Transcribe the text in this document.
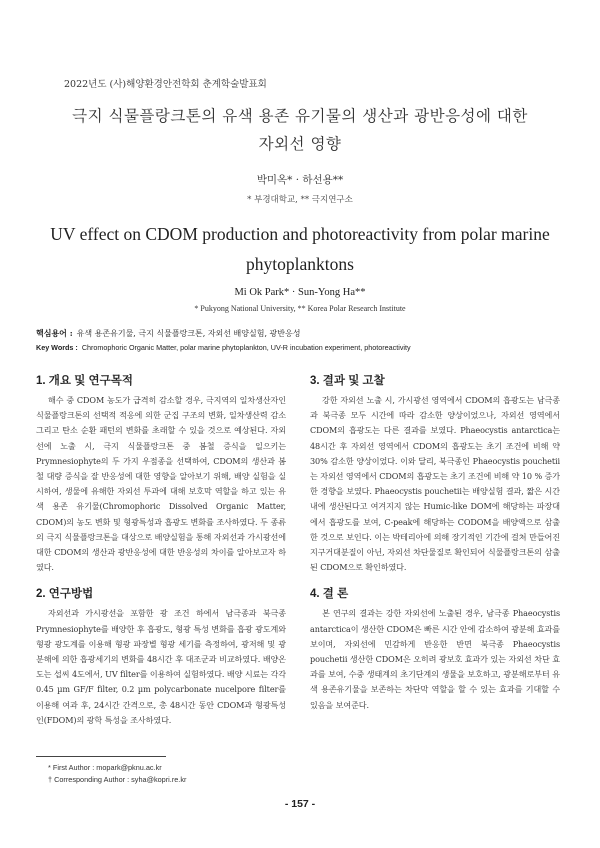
2022년도 (사)해양환경안전학회 춘계학술발표회
극지 식물플랑크톤의 유색 용존 유기물의 생산과 광반응성에 대한
자외선 영향
박미옥* · 하선용**
* 부경대학교, ** 극지연구소
UV effect on CDOM production and photoreactivity from polar marine
phytoplanktons
Mi Ok Park* · Sun-Yong Ha**
* Pukyong National University, ** Korea Polar Research Institute
핵심용어 : 유색 용존유기물, 극지 식물플랑크톤, 자외선 배양실험, 광반응성
Key Words : Chromophoric Organic Matter, polar marine phytoplankton, UV-R incubation experiment, photoreactivity
1. 개요 및 연구목적

해수 중 CDOM 농도가 급격히 감소할 경우, 극지역의 일차생산자인 식물플랑크톤의 선택적 적응에 의한 군집 구조의 변화, 일차생산력 감소 그리고 탄소 순환 패턴의 변화를 초래할 수 있을 것으로 예상된다. 자외선에 노출 시, 극지 식물플랑크톤 중 봄철 증식을 일으키는 Prymnesiophyte의 두 가지 우점종을 선택하여, CDOM의 생산과 봄철 대량 증식을 잘 반응성에 대한 영향을 알아보기 위해, 배양 실험을 실시하여, 생물에 유해한 자외선 투과에 대해 보호막 역할을 하고 있는 유색 용존 유기물(Chromophoric Dissolved Organic Matter, CDOM)의 농도 변화 및 형광특성과 흡광도 변화를 조사하였다. 두 종류의 극지 식물플랑크톤을 대상으로 배양실험을 통해 자외선과 가시광선에 대한 CDOM의 생산과 광반응성에 대한 반응성의 차이를 알아보고자 하였다.

2. 연구방법

자외선과 가시광선을 포함한 광 조건 하에서 남극종과 북극종 Prymnesiophyte를 배양한 후 흡광도, 형광 특성 변화를 흡광 광도계와 형광 광도계를 이용해 형광 파장별 형광 세기를 측정하여, 광저해 및 광분해에 의한 흡광세기의 변화를 48시간 후 대조군과 비교하였다. 배양온도는 섭씨 4도에서, UV filter를 이용하여 실험하였다. 배양 시료는 각각 0.45 µm GF/F filter, 0.2 µm polycarbonate nucelpore filter를 이용해 여과 후, 24시간 간격으로, 총 48시간 동안 CDOM과 형광특성인(FDOM)의 광학 특성을 조사하였다.

3. 결과 및 고찰

강한 자외선 노출 시, 가시광선 영역에서 CDOM의 흡광도는 남극종과 북극종 모두 시간에 따라 감소한 양상이었으나, 자외선 영역에서 CDOM의 흡광도는 다른 결과를 보였다. Phaeocystis antarctica는 48시간 후 자외선 영역에서 CDOM의 흡광도는 초기 조건에 비해 약 30% 감소한 양상이었다. 이와 달리, 북극종인 Phaeocystis pouchetii는 자외선 영역에서 CDOM의 흡광도는 초기 조건에 비해 약 10 % 증가한 경향을 보였다. Phaeocystis pouchetii는 배양실험 결과, 짧은 시간 내에 생산된다고 여겨지지 않는 Humic-like DOM에 해당하는 파장대에서 흡광도를 보여, C-peak에 해당하는 CODOM을 배양액으로 삼출한 것으로 보인다. 이는 박테리아에 의해 장기적인 기간에 걸쳐 만들어진 지구거대분질이 아닌, 자외선 차단물질로 확인되어 식물플랑크톤의 삼출된 CDOM으로 확인하였다.

4. 결 론

본 연구의 결과는 강한 자외선에 노출된 경우, 남극종 Phaeocystis antarctica이 생산한 CDOM은 빠른 시간 안에 감소하여 광분해 효과를 보이며, 자외선에 민감하게 반응한 반면 북극종 Phaeocystis pouchetii 생산한 CDOM은 오히려 광보호 효과가 있는 자외선 차단 효과를 보여, 수중 생태계의 초기단계의 생물을 보호하고, 광분해로부터 유색 용존유기물을 보존하는 차단막 역할을 할 수 있는 효과를 기대할 수 있음을 보여준다.

* First Author : mopark@pknu.ac.kr
† Corresponding Author : syha@kopri.re.kr
- 157 -
